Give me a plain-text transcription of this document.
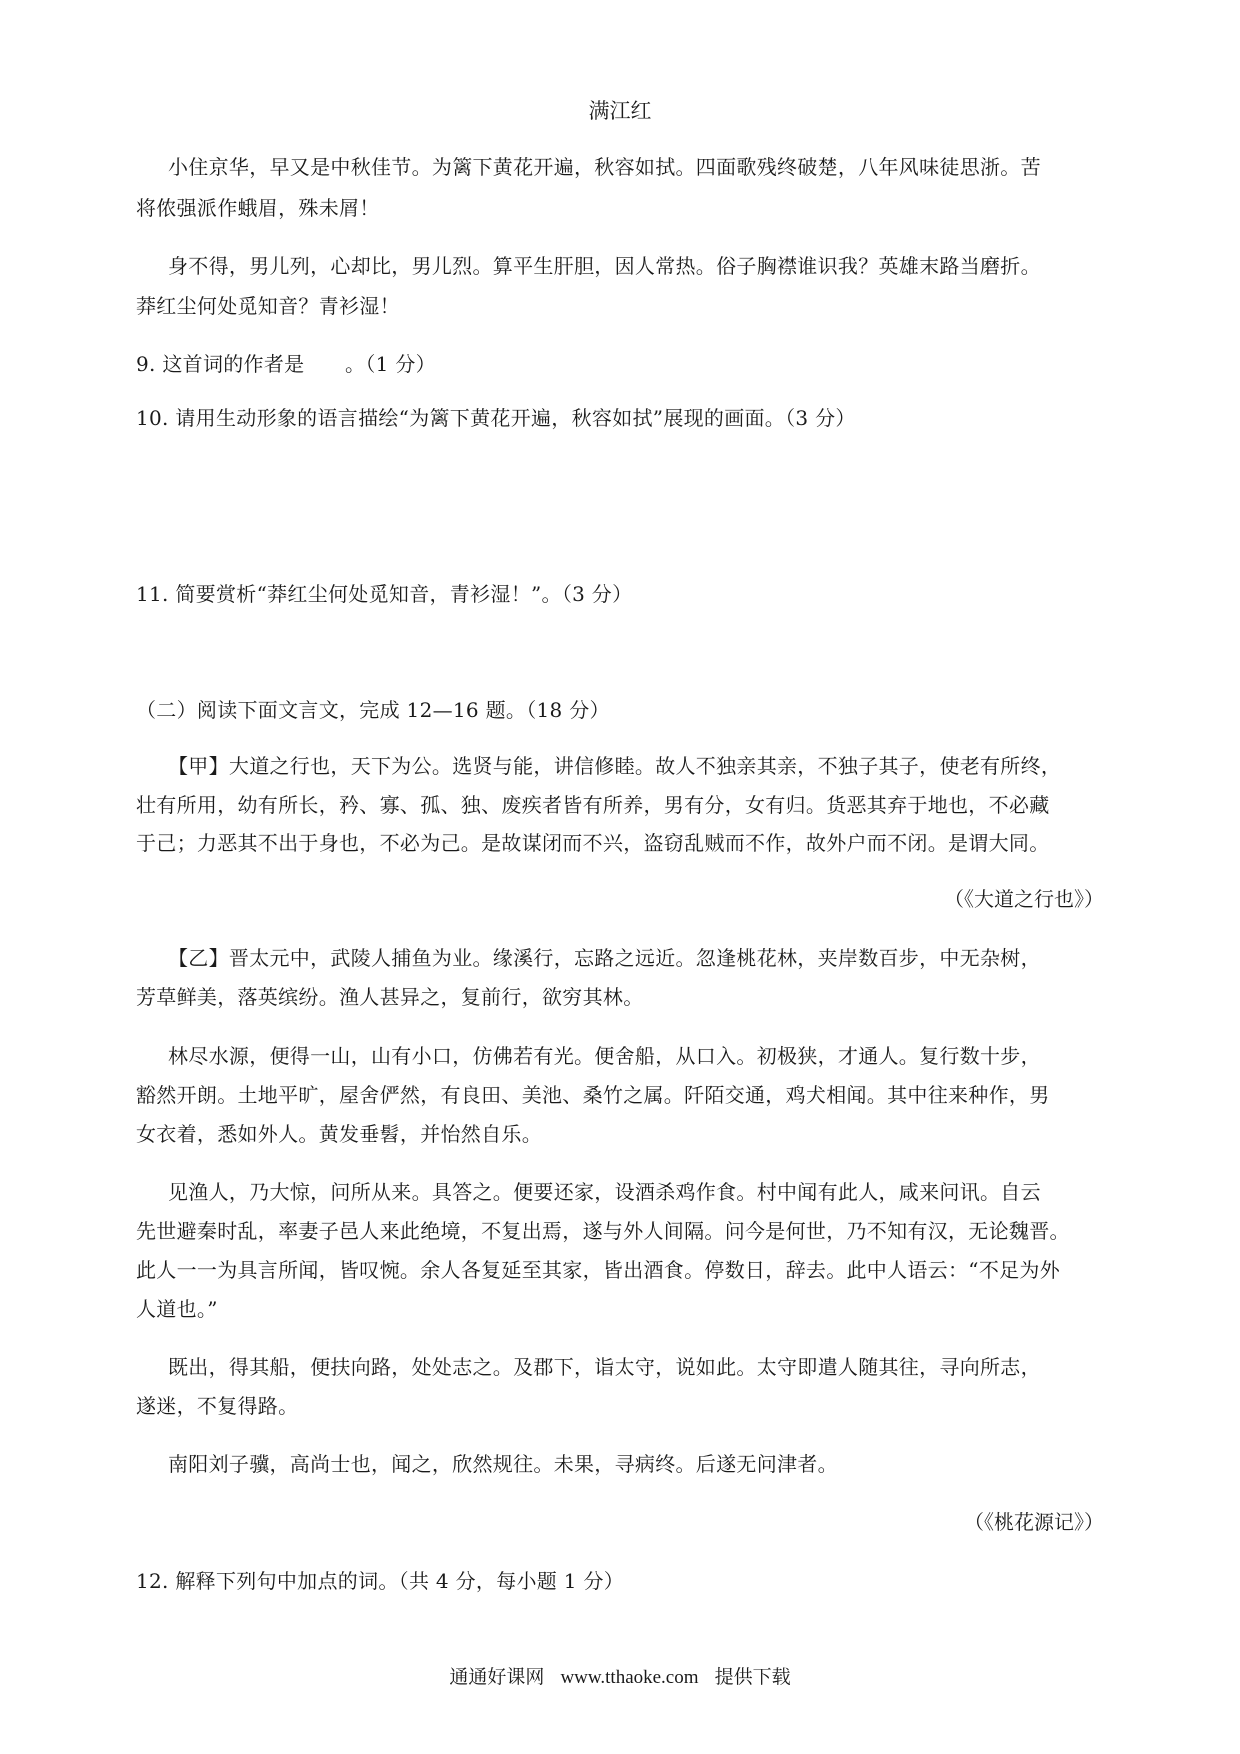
满江红
小住京华，早又是中秋佳节。为篱下黄花开遍，秋容如拭。四面歌残终破楚，八年风味徒思浙。苦
将侬强派作蛾眉，殊未屑！
身不得，男儿列，心却比，男儿烈。算平生肝胆，因人常热。俗子胸襟谁识我？英雄末路当磨折。
莽红尘何处觅知音？青衫湿！
9. 这首词的作者是　　。（1 分）
10. 请用生动形象的语言描绘“为篱下黄花开遍，秋容如拭”展现的画面。（3 分）
11. 简要赏析“莽红尘何处觅知音，青衫湿！”。（3 分）
（二）阅读下面文言文，完成 12—16 题。（18 分）
【甲】大道之行也，天下为公。选贤与能，讲信修睦。故人不独亲其亲，不独子其子，使老有所终，
壮有所用，幼有所长，矜、寡、孤、独、废疾者皆有所养，男有分，女有归。货恶其弃于地也，不必藏
于己；力恶其不出于身也，不必为己。是故谋闭而不兴，盗窃乱贼而不作，故外户而不闭。是谓大同。
（《大道之行也》）
【乙】晋太元中，武陵人捕鱼为业。缘溪行，忘路之远近。忽逢桃花林，夹岸数百步，中无杂树，
芳草鲜美，落英缤纷。渔人甚异之，复前行，欲穷其林。
林尽水源，便得一山，山有小口，仿佛若有光。便舍船，从口入。初极狭，才通人。复行数十步，
豁然开朗。土地平旷，屋舍俨然，有良田、美池、桑竹之属。阡陌交通，鸡犬相闻。其中往来种作，男
女衣着，悉如外人。黄发垂髫，并怡然自乐。
见渔人，乃大惊，问所从来。具答之。便要还家，设酒杀鸡作食。村中闻有此人，咸来问讯。自云
先世避秦时乱，率妻子邑人来此绝境，不复出焉，遂与外人间隔。问今是何世，乃不知有汉，无论魏晋。
此人一一为具言所闻，皆叹惋。余人各复延至其家，皆出酒食。停数日，辞去。此中人语云：“不足为外
人道也。”
既出，得其船，便扶向路，处处志之。及郡下，诣太守，说如此。太守即遣人随其往，寻向所志，
遂迷，不复得路。
南阳刘子骥，高尚士也，闻之，欣然规往。未果，寻病终。后遂无问津者。
（《桃花源记》）
12. 解释下列句中加点的词。（共 4 分，每小题 1 分）
通通好课网 www.tthaoke.com 提供下载
